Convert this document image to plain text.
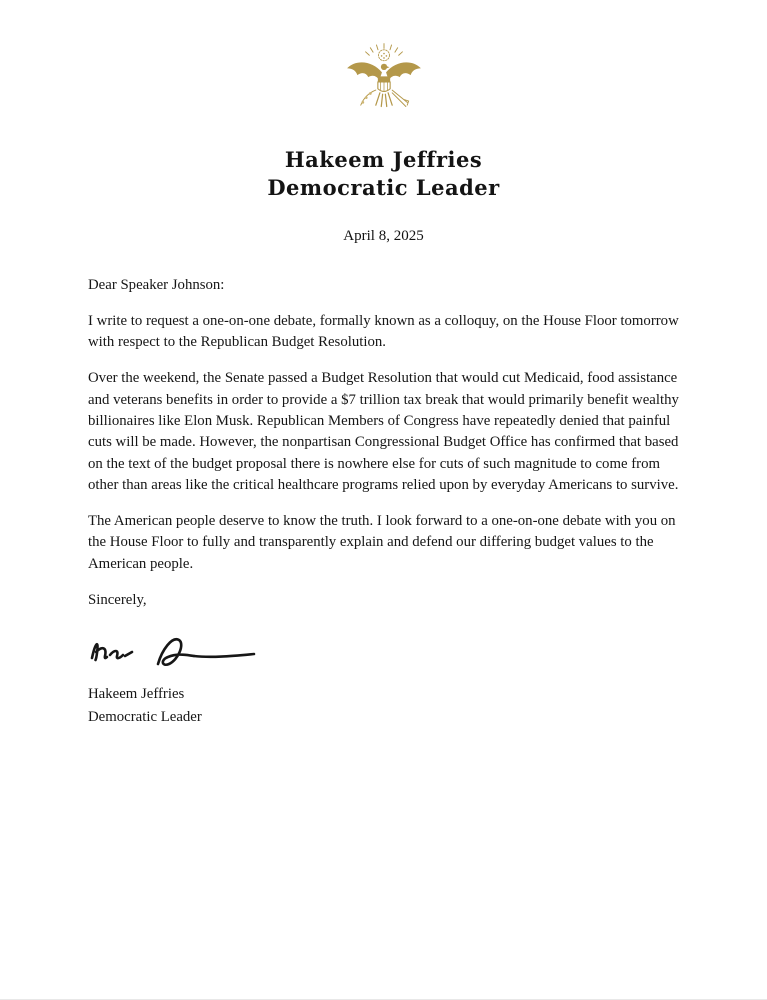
Hakeem Jeffries
Democratic Leader
April 8, 2025

Dear Speaker Johnson:

I write to request a one-on-one debate, formally known as a colloquy, on the House Floor tomorrow with respect to the Republican Budget Resolution.

Over the weekend, the Senate passed a Budget Resolution that would cut Medicaid, food assistance and veterans benefits in order to provide a $7 trillion tax break that would primarily benefit wealthy billionaires like Elon Musk. Republican Members of Congress have repeatedly denied that painful cuts will be made. However, the nonpartisan Congressional Budget Office has confirmed that based on the text of the budget proposal there is nowhere else for cuts of such magnitude to come from other than areas like the critical healthcare programs relied upon by everyday Americans to survive.

The American people deserve to know the truth. I look forward to a one-on-one debate with you on the House Floor to fully and transparently explain and defend our differing budget values to the American people.

Sincerely,

Hakeem Jeffries

Democratic Leader
